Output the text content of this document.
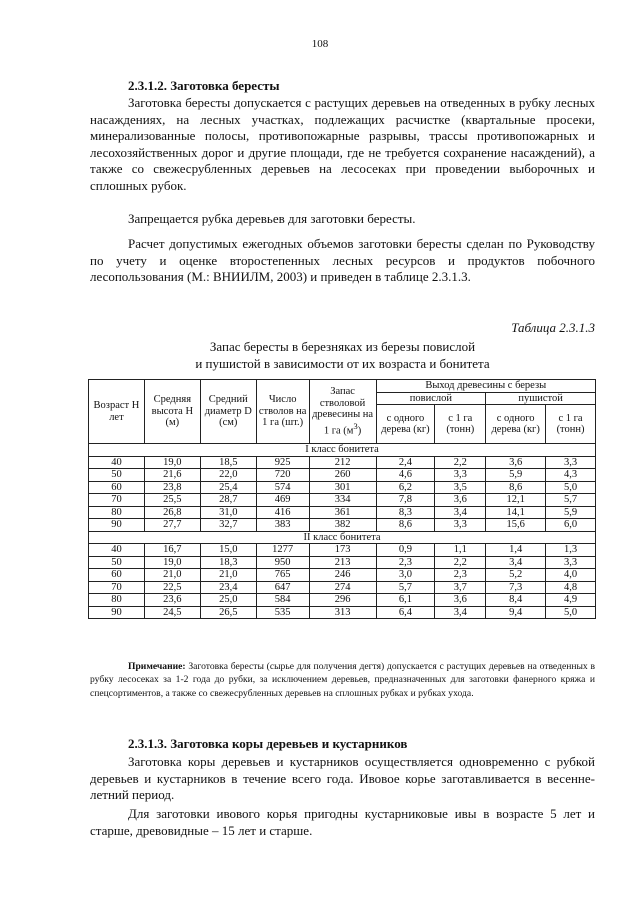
108
2.3.1.2. Заготовка бересты

Заготовка бересты допускается с растущих деревьев на отведенных в рубку лесных насаждениях, на лесных участках, подлежащих расчистке (квартальные просеки, минерализованные полосы, противопожарные разрывы, трассы противопожарных и лесохозяйственных дорог и другие площади, где не требуется сохранение насаждений), а также со свежесрубленных деревьев на лесосеках при проведении выборочных и сплошных рубок.

Запрещается рубка деревьев для заготовки бересты.

Расчет допустимых ежегодных объемов заготовки бересты сделан по Руководству по учету и оценке второстепенных лесных ресурсов и продуктов побочного лесопользования (М.: ВНИИЛМ, 2003) и приведен в таблице 2.3.1.3.

Таблица 2.3.1.3
Запас бересты в березняках из березы повислой
и пушистой в зависимости от их возраста и бонитета
Возраст Н лет	Средняя высота Н (м)	Средний диаметр D (см)	Число стволов на 1 га (шт.)	Запас стволовой древесины на 1 га $(м^3)$	Выход древесины с березы			
					повислой		пушистой	
					с одного дерева (кг)	с 1 га (тонн)	с одного дерева (кг)	с 1 га (тонн)
I класс бонитета								
40	19,0	18,5	925	212	2,4	2,2	3,6	3,3
50	21,6	22,0	720	260	4,6	3,3	5,9	4,3
60	23,8	25,4	574	301	6,2	3,5	8,6	5,0
70	25,5	28,7	469	334	7,8	3,6	12,1	5,7
80	26,8	31,0	416	361	8,3	3,4	14,1	5,9
90	27,7	32,7	383	382	8,6	3,3	15,6	6,0
II класс бонитета								
40	16,7	15,0	1277	173	0,9	1,1	1,4	1,3
50	19,0	18,3	950	213	2,3	2,2	3,4	3,3
60	21,0	21,0	765	246	3,0	2,3	5,2	4,0
70	22,5	23,4	647	274	5,7	3,7	7,3	4,8
80	23,6	25,0	584	296	6,1	3,6	8,4	4,9
90	24,5	26,5	535	313	6,4	3,4	9,4	5,0

Примечание: Заготовка бересты (сырье для получения дегтя) допускается с растущих деревьев на отведенных в рубку лесосеках за 1-2 года до рубки, за исключением деревьев, предназначенных для заготовки фанерного кряжа и спецсортиментов, а также со свежесрубленных деревьев на сплошных рубках и рубках ухода.

2.3.1.3. Заготовка коры деревьев и кустарников

Заготовка коры деревьев и кустарников осуществляется одновременно с рубкой деревьев и кустарников в течение всего года. Ивовое корье заготавливается в весенне-летний период.

Для заготовки ивового корья пригодны кустарниковые ивы в возрасте 5 лет и старше, древовидные – 15 лет и старше.
